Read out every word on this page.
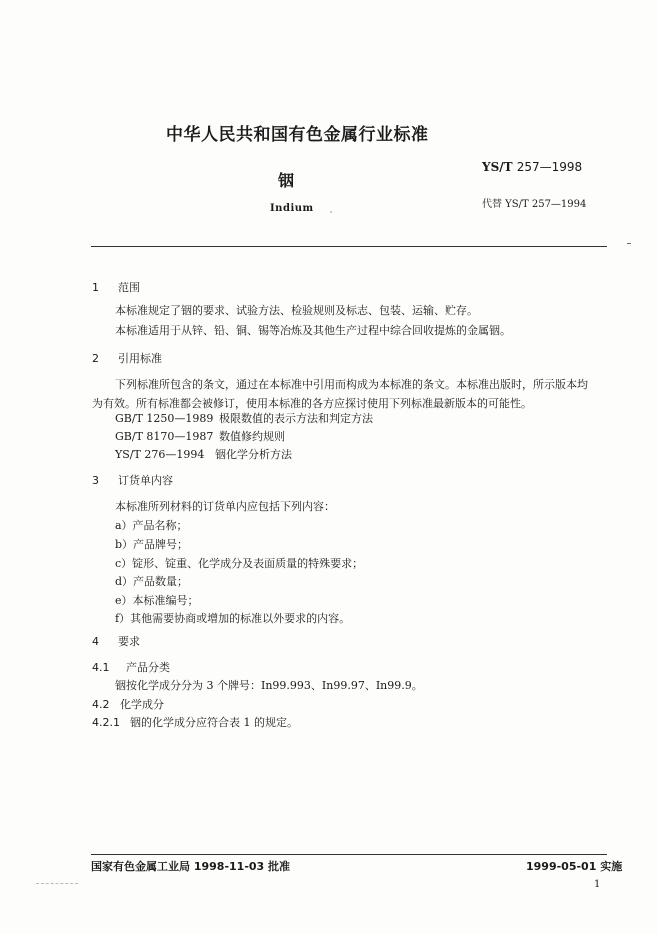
中华人民共和国有色金属行业标准
YS/T 257—1998
铟
Indium	代替 YS/T 257—1994
1 范围
本标准规定了铟的要求、试验方法、检验规则及标志、包装、运输、贮存。
本标准适用于从锌、铅、铜、锡等冶炼及其他生产过程中综合回收提炼的金属铟。
2 引用标准
下列标准所包含的条文，通过在本标准中引用而构成为本标准的条文。本标准出版时，所示版本均
为有效。所有标准都会被修订，使用本标准的各方应探讨使用下列标准最新版本的可能性。
GB/T 1250—1989 极限数值的表示方法和判定方法
GB/T 8170—1987 数值修约规则
YS/T 276—1994 铟化学分析方法
3 订货单内容
本标准所列材料的订货单内应包括下列内容：
a）产品名称；
b）产品牌号；
c）锭形、锭重、化学成分及表面质量的特殊要求；
d）产品数量；
e）本标准编号；
f）其他需要协商或增加的标准以外要求的内容。
4 要求
4.1 产品分类
铟按化学成分分为 3 个牌号：In99.993、In99.97、In99.9。
4.2 化学成分
4.2.1 铟的化学成分应符合表 1 的规定。
国家有色金属工业局 1998-11-03 批准	1999-05-01 实施
1
